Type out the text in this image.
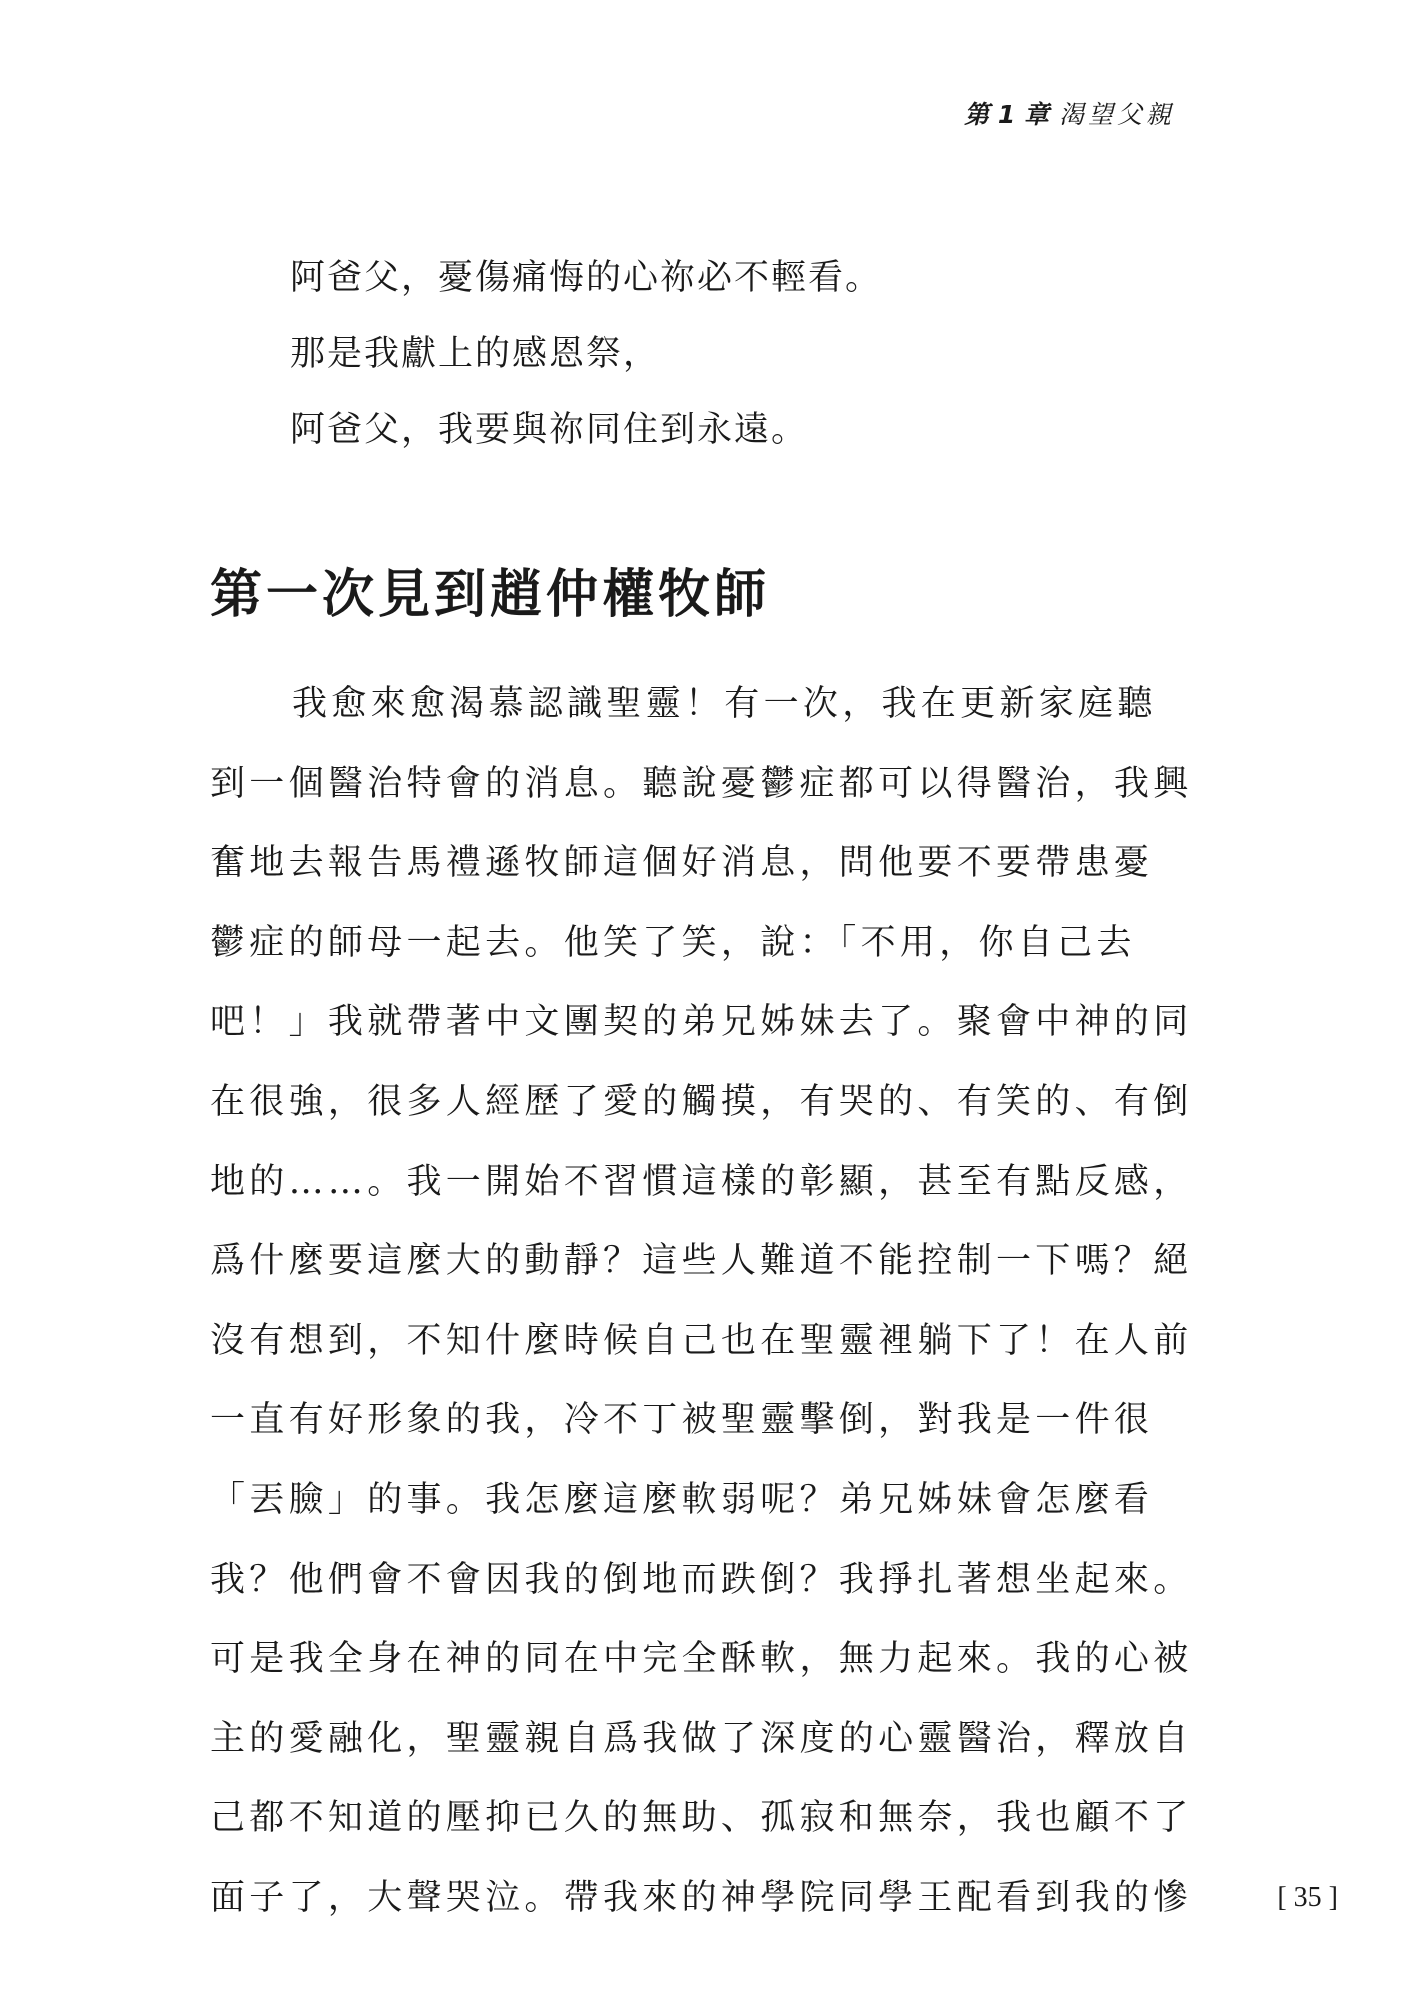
第 1 章 渴望父親
阿爸父，憂傷痛悔的心祢必不輕看。
那是我獻上的感恩祭，
阿爸父，我要與祢同住到永遠。
第一次見到趙仲權牧師
我愈來愈渴慕認識聖靈！有一次，我在更新家庭聽
到一個醫治特會的消息。聽說憂鬱症都可以得醫治，我興
奮地去報告馬禮遜牧師這個好消息，問他要不要帶患憂
鬱症的師母一起去。他笑了笑，說：「不用，你自己去
吧！」我就帶著中文團契的弟兄姊妹去了。聚會中神的同
在很強，很多人經歷了愛的觸摸，有哭的、有笑的、有倒
地的……。我一開始不習慣這樣的彰顯，甚至有點反感，
爲什麼要這麼大的動靜？這些人難道不能控制一下嗎？絕
沒有想到，不知什麼時候自己也在聖靈裡躺下了！在人前
一直有好形象的我，冷不丁被聖靈擊倒，對我是一件很
「丟臉」的事。我怎麼這麼軟弱呢？弟兄姊妹會怎麼看
我？他們會不會因我的倒地而跌倒？我掙扎著想坐起來。
可是我全身在神的同在中完全酥軟，無力起來。我的心被
主的愛融化，聖靈親自爲我做了深度的心靈醫治，釋放自
己都不知道的壓抑已久的無助、孤寂和無奈，我也顧不了
面子了，大聲哭泣。帶我來的神學院同學王配看到我的慘	[ 35 ]
